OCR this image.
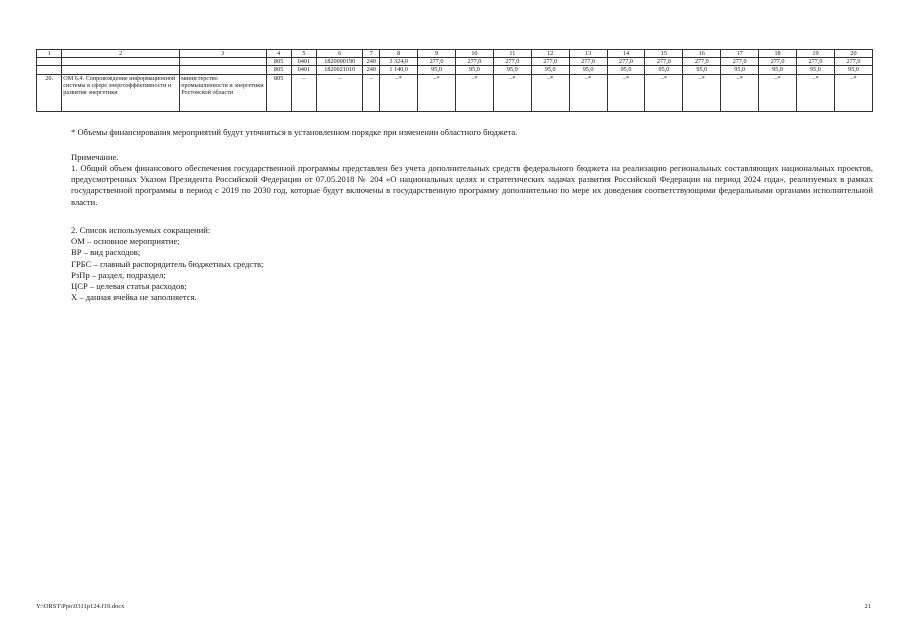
1	2	3	4	5	6	7	8	9	10	11	12	13	14	15	16	17	18	19	20
			805	0401	1820000190	240	3 324,0	277,0	277,0	277,0	277,0	277,0	277,0	277,0	277,0	277,0	277,0	277,0	277,0
			805	0401	1820021010	240	1 140,0	95,0	95,0	95,0	95,0	95,0	95,0	95,0	95,0	95,0	95,0	95,0	95,0
20.	ОМ 6.4. Сопровождение информационной системы в сфере энергоэффективности и развития энергетики	министерство промышленности и энергетики Ростовской области	805	–	–	–	–*	–*	–*	–*	–*	–*	–*	–*	–*	–*	–*	–*	–*
* Объемы финансирования мероприятий будут уточняться в установленном порядке при изменении областного бюджета.
Примечание.
1. Общий объем финансового обеспечения государственной программы представлен без учета дополнительных средств федерального бюджета на реализацию региональных составляющих национальных проектов, предусмотренных Указом Президента Российской Федерации от 07.05.2018 № 204 «О национальных целях и стратегических задачах развития Российской Федерации на период 2024 года», реализуемых в рамках государственной программы в период с 2019 по 2030 год, которые будут включены в государственную программу дополнительно по мере их доведения соответствующими федеральными органами исполнительной власти.
2. Список используемых сокращений:
ОМ – основное мероприятие;
ВР – вид расходов;
ГРБС – главный распорядитель бюджетных средств;
РзПр – раздел, подраздел;
ЦСР – целевая статья расходов;
Х – данная ячейка не заполняется.
Y:\ORST\Ppo\0311p124.f19.docx	21
